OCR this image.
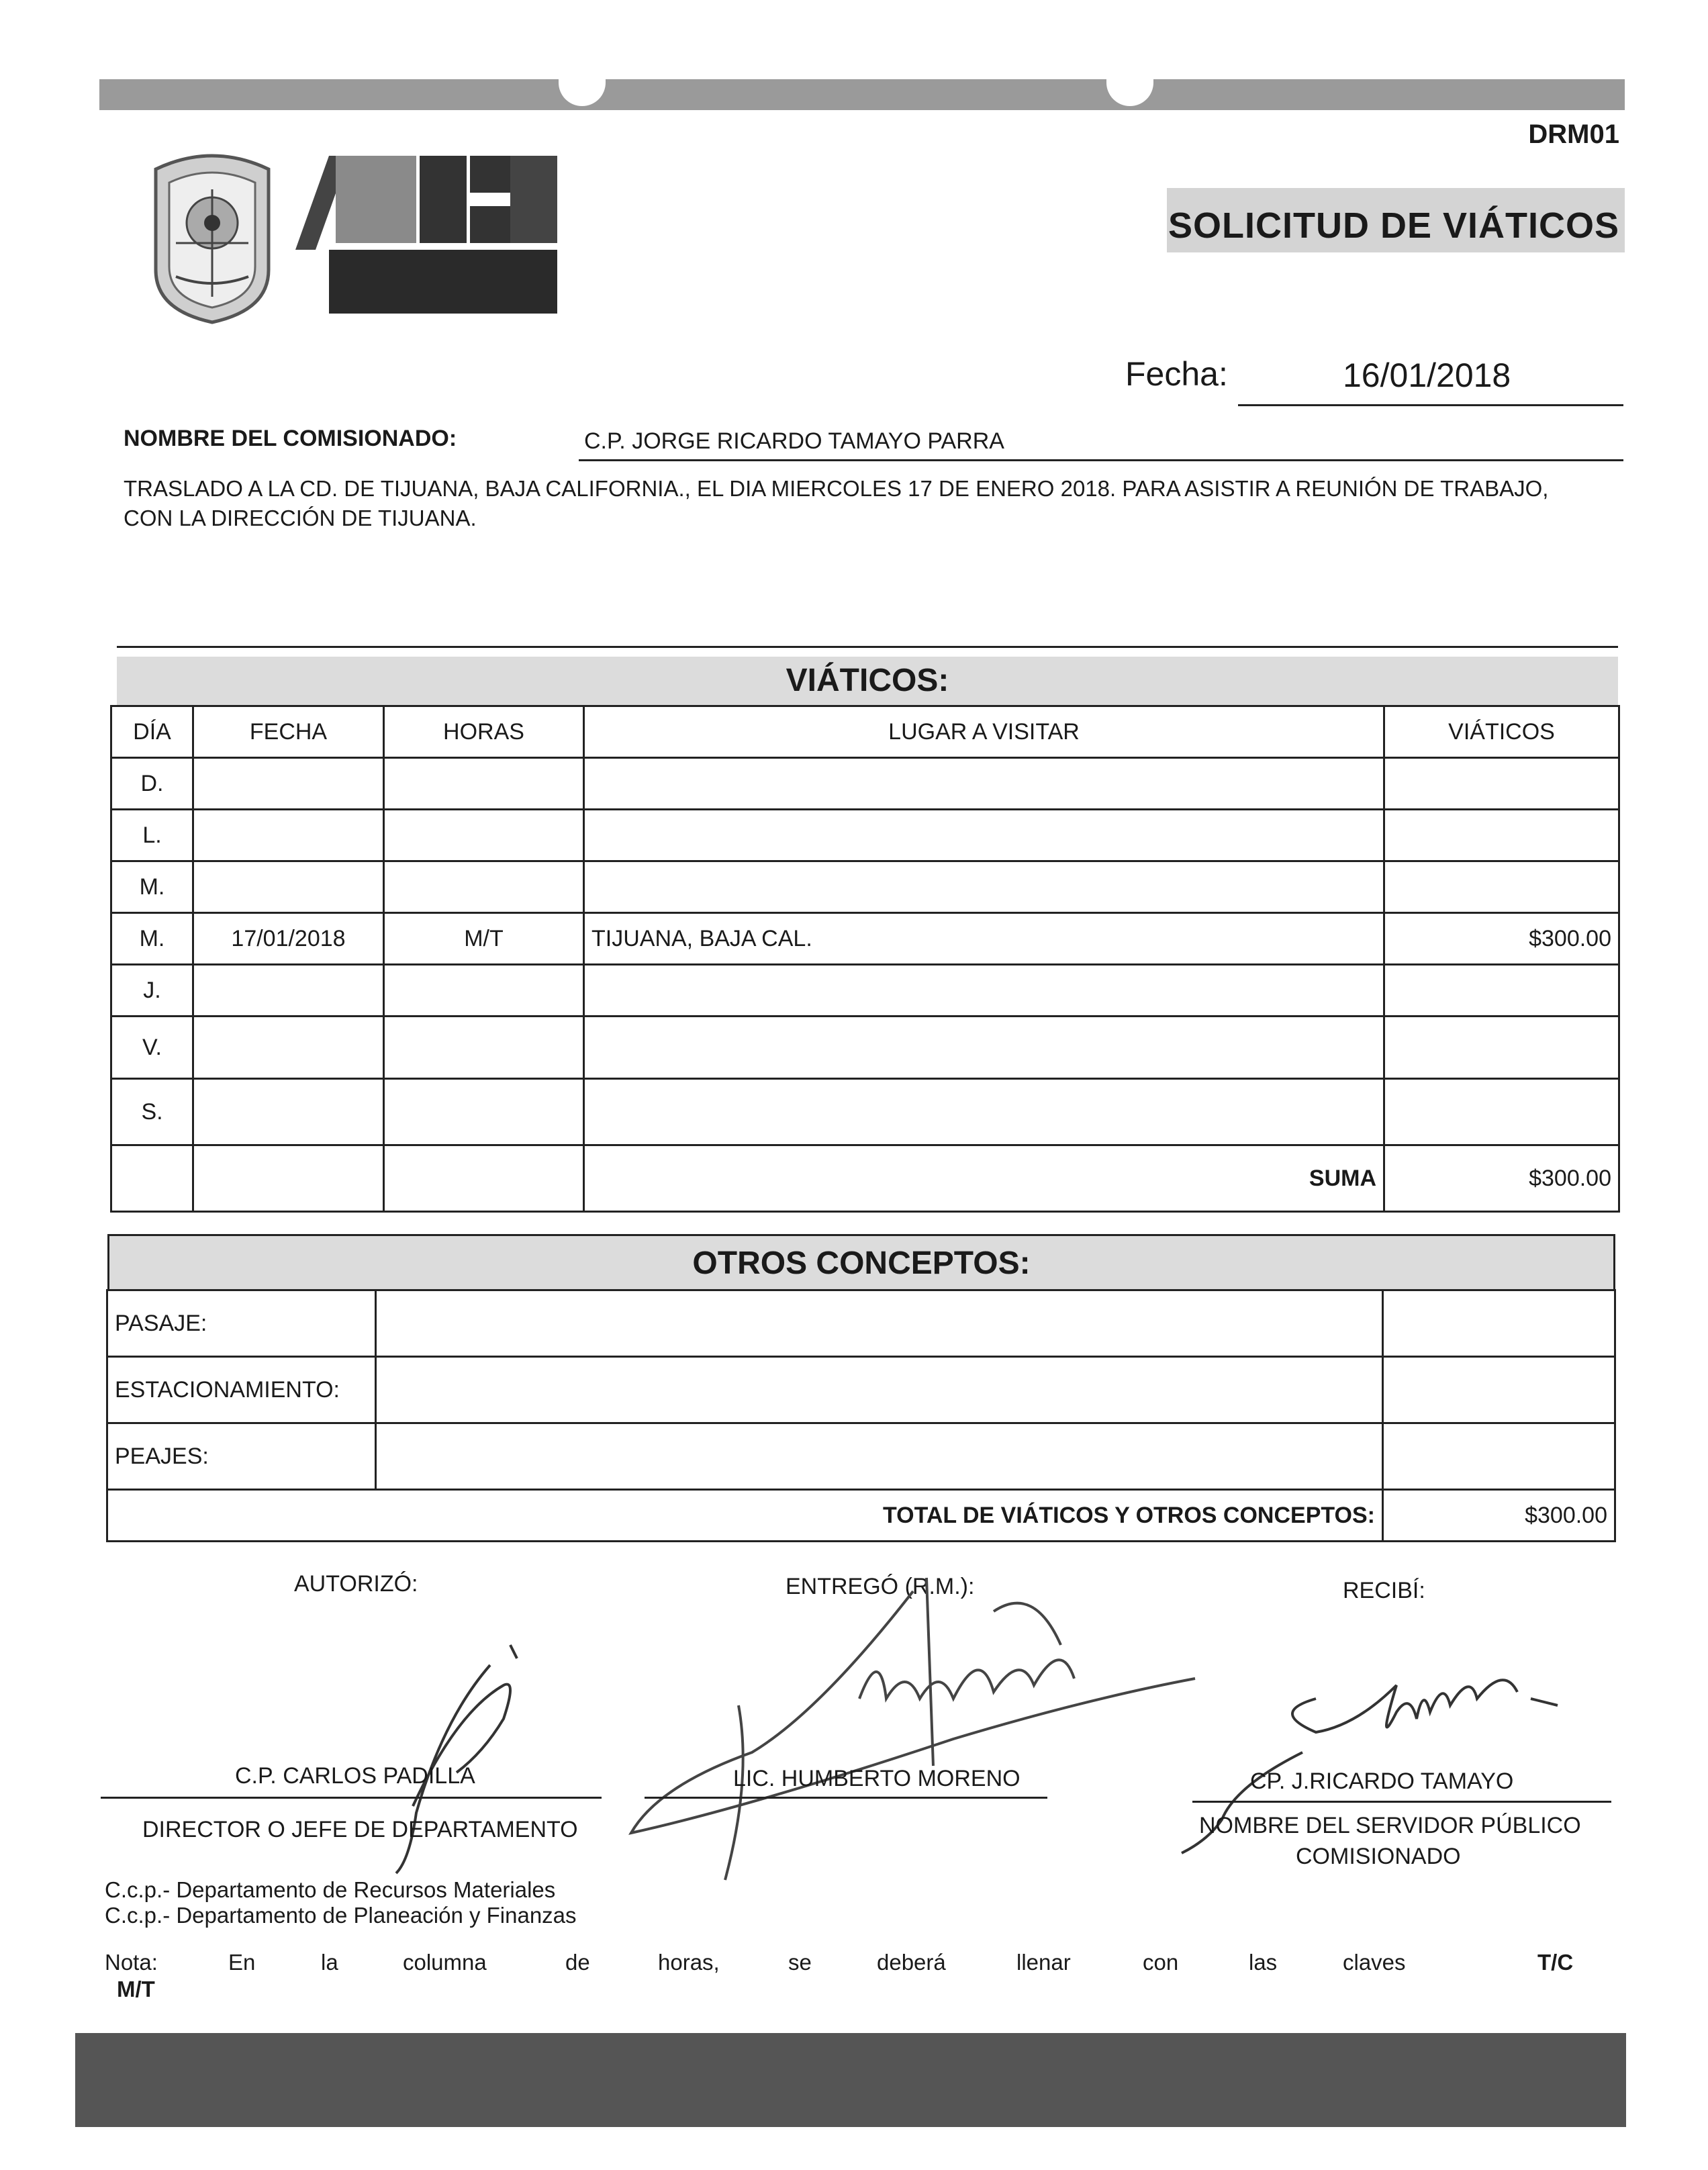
DRM01
SOLICITUD DE VIÁTICOS
Fecha:	16/01/2018
NOMBRE DEL COMISIONADO:	C.P. JORGE RICARDO TAMAYO PARRA
TRASLADO A LA CD. DE TIJUANA, BAJA CALIFORNIA., EL DIA MIERCOLES 17 DE ENERO 2018. PARA ASISTIR A REUNIÓN DE TRABAJO,
CON LA DIRECCIÓN DE TIJUANA.
VIÁTICOS:
DÍA	FECHA	HORAS	LUGAR A VISITAR	VIÁTICOS
D.				
L.				
M.				
M.	17/01/2018	M/T	TIJUANA, BAJA CAL.	$300.00
J.				
V.				
S.				
			SUMA	$300.00
OTROS CONCEPTOS:
PASAJE:		
ESTACIONAMIENTO:		
PEAJES:		
TOTAL DE VIÁTICOS Y OTROS CONCEPTOS:		$300.00
AUTORIZÓ:	ENTREGÓ (R.M.):	RECIBÍ:
C.P. CARLOS PADILLA
DIRECTOR O JEFE DE DEPARTAMENTO
LIC. HUMBERTO MORENO	CP. J.RICARDO TAMAYO
NOMBRE DEL SERVIDOR PÚBLICO
COMISIONADO
C.c.p.- Departamento de Recursos Materiales
C.c.p.- Departamento de Planeación y Finanzas
Nota:	En	la	columna	de	horas,	se	deberá	llenar	con	las	claves	T/C
M/T
